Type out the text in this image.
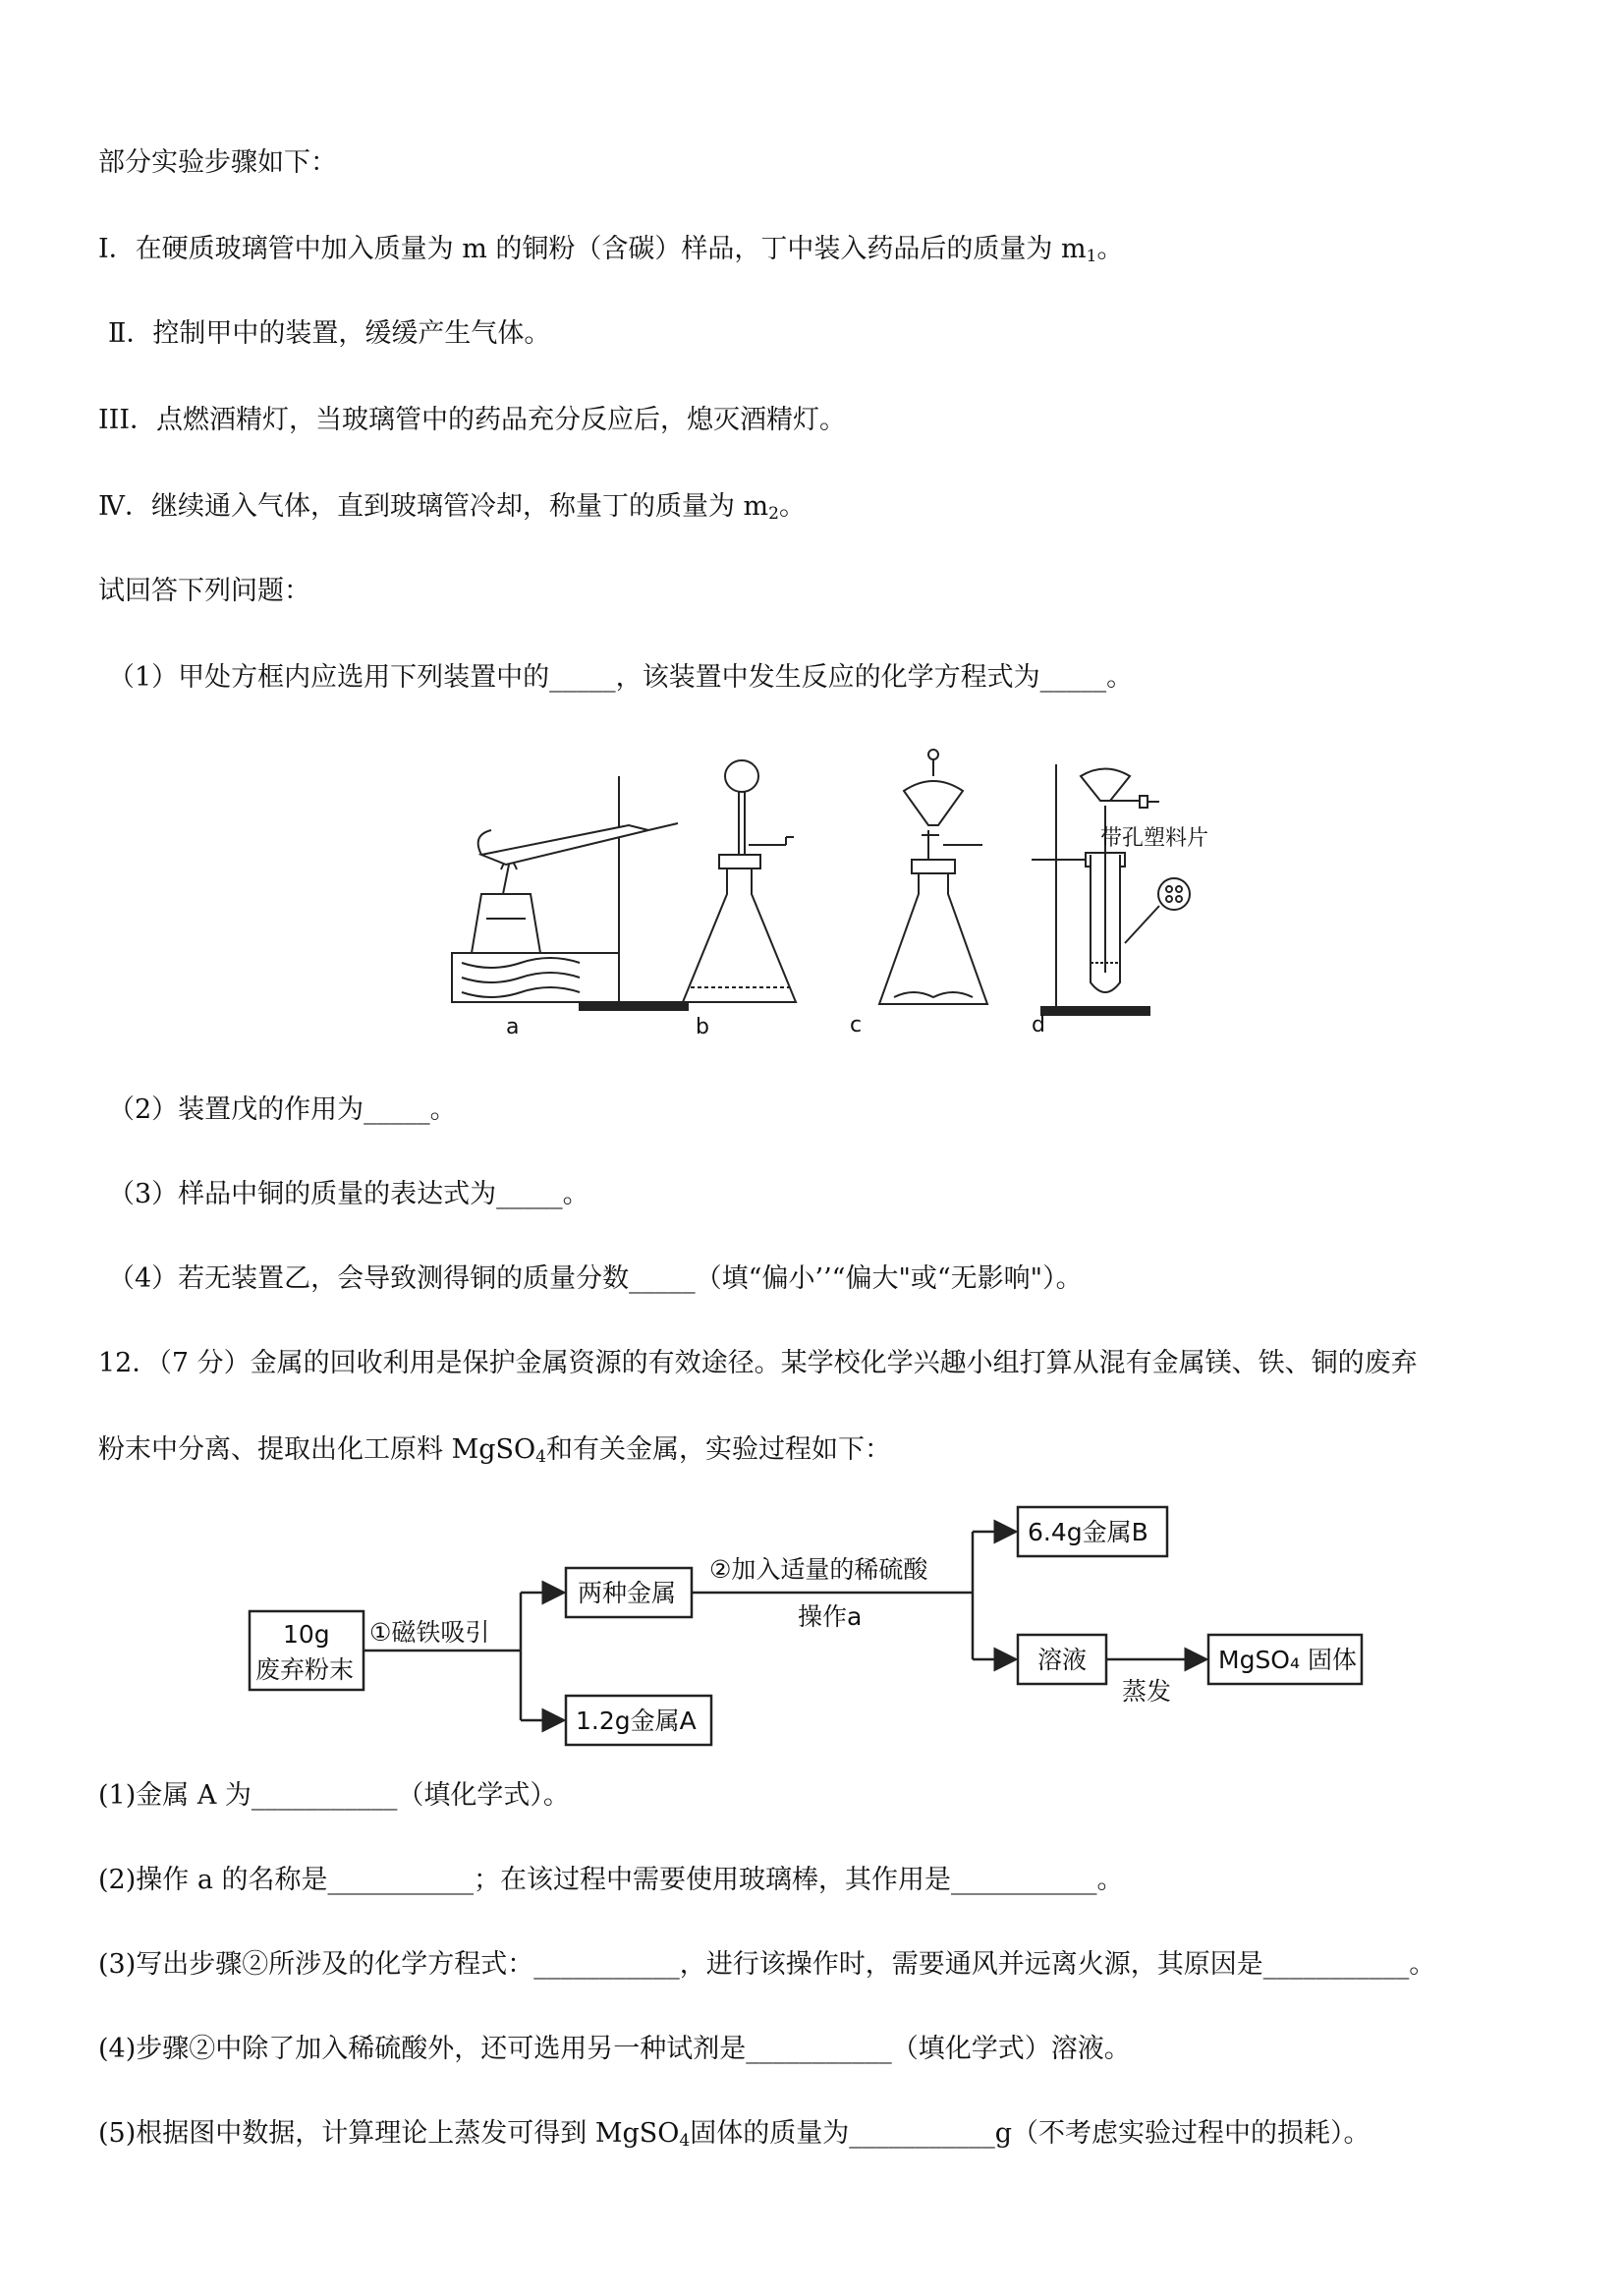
部分实验步骤如下：
I．在硬质玻璃管中加入质量为 m 的铜粉（含碳）样品，丁中装入药品后的质量为 $m_1$。
Ⅱ．控制甲中的装置，缓缓产生气体。
III．点燃酒精灯，当玻璃管中的药品充分反应后，熄灭酒精灯。
Ⅳ．继续通入气体，直到玻璃管冷却，称量丁的质量为 $m_2$。
试回答下列问题：
（1）甲处方框内应选用下列装置中的_____，该装置中发生反应的化学方程式为_____。
带孔塑料片
a	b	c	d
（2）装置戊的作用为_____。
（3）样品中铜的质量的表达式为_____。
（4）若无装置乙，会导致测得铜的质量分数_____（填“偏小’’“偏大"或“无影响"）。
12．（7 分）金属的回收利用是保护金属资源的有效途径。某学校化学兴趣小组打算从混有金属镁、铁、铜的废弃
粉末中分离、提取出化工原料 MgSO$_4$和有关金属，实验过程如下：
10g
废弃粉末
①磁铁吸引
两种金属
1.2g金属A
②加入适量的稀硫酸
操作a
6.4g金属B
溶液
蒸发
MgSO₄ 固体
(1)金属 A 为___________（填化学式）。
(2)操作 a 的名称是___________；在该过程中需要使用玻璃棒，其作用是___________。
(3)写出步骤②所涉及的化学方程式：___________，进行该操作时，需要通风并远离火源，其原因是___________。
(4)步骤②中除了加入稀硫酸外，还可选用另一种试剂是___________（填化学式）溶液。
(5)根据图中数据，计算理论上蒸发可得到 MgSO$_4$固体的质量为___________g（不考虑实验过程中的损耗）。
